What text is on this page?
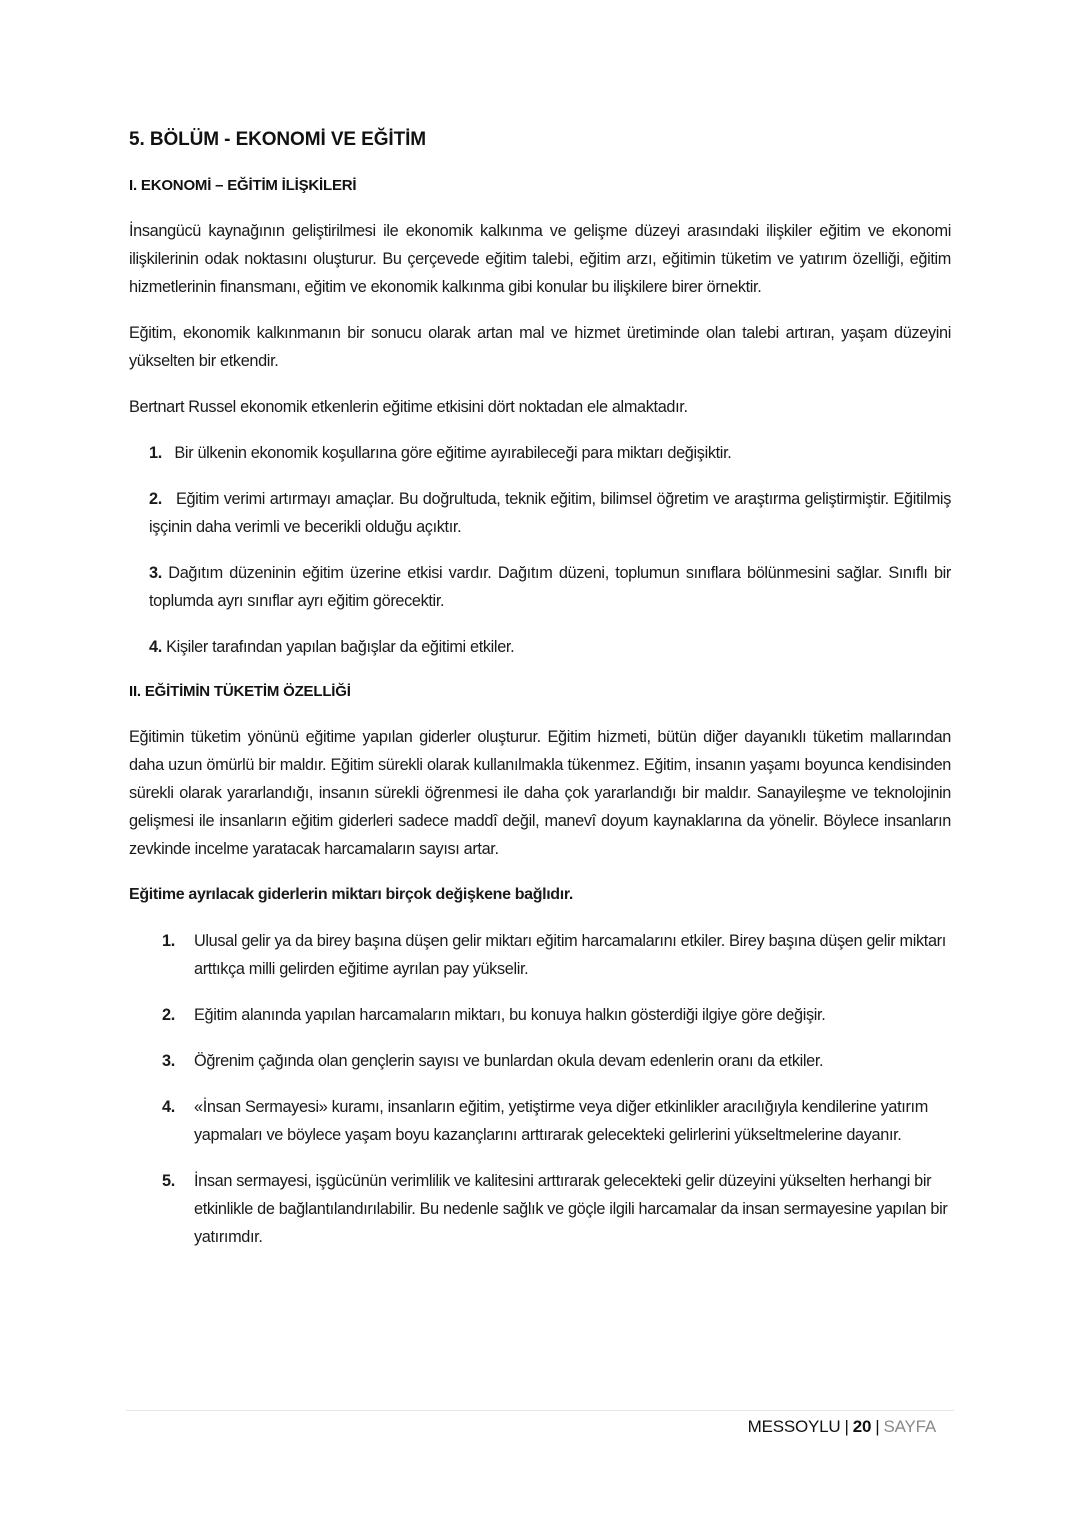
5. BÖLÜM - EKONOMİ VE EĞİTİM
I. EKONOMİ – EĞİTİM İLİŞKİLERİ

İnsangücü kaynağının geliştirilmesi ile ekonomik kalkınma ve gelişme düzeyi arasındaki ilişkiler eğitim ve ekonomi ilişkilerinin odak noktasını oluşturur. Bu çerçevede eğitim talebi, eğitim arzı, eğitimin tüketim ve yatırım özelliği, eğitim hizmetlerinin finansmanı, eğitim ve ekonomik kalkınma gibi konular bu ilişkilere birer örnektir.

Eğitim, ekonomik kalkınmanın bir sonucu olarak artan mal ve hizmet üretiminde olan talebi artıran, yaşam düzeyini yükselten bir etkendir.

Bertnart Russel ekonomik etkenlerin eğitime etkisini dört noktadan ele almaktadır.

1. Bir ülkenin ekonomik koşullarına göre eğitime ayırabileceği para miktarı değişiktir.
2. Eğitim verimi artırmayı amaçlar. Bu doğrultuda, teknik eğitim, bilimsel öğretim ve araştırma geliştirmiştir. Eğitilmiş işçinin daha verimli ve becerikli olduğu açıktır.
3. Dağıtım düzeninin eğitim üzerine etkisi vardır. Dağıtım düzeni, toplumun sınıflara bölünmesini sağlar. Sınıflı bir toplumda ayrı sınıflar ayrı eğitim görecektir.
4. Kişiler tarafından yapılan bağışlar da eğitimi etkiler.
II. EĞİTİMİN TÜKETİM ÖZELLİĞİ

Eğitimin tüketim yönünü eğitime yapılan giderler oluşturur. Eğitim hizmeti, bütün diğer dayanıklı tüketim mallarından daha uzun ömürlü bir maldır. Eğitim sürekli olarak kullanılmakla tükenmez. Eğitim, insanın yaşamı boyunca kendisinden sürekli olarak yararlandığı, insanın sürekli öğrenmesi ile daha çok yararlandığı bir maldır. Sanayileşme ve teknolojinin gelişmesi ile insanların eğitim giderleri sadece maddî değil, manevî doyum kaynaklarına da yönelir. Böylece insanların zevkinde incelme yaratacak harcamaların sayısı artar.

Eğitime ayrılacak giderlerin miktarı birçok değişkene bağlıdır.

1. Ulusal gelir ya da birey başına düşen gelir miktarı eğitim harcamalarını etkiler. Birey başına düşen gelir miktarı arttıkça milli gelirden eğitime ayrılan pay yükselir.
2. Eğitim alanında yapılan harcamaların miktarı, bu konuya halkın gösterdiği ilgiye göre değişir.
3. Öğrenim çağında olan gençlerin sayısı ve bunlardan okula devam edenlerin oranı da etkiler.
4. «İnsan Sermayesi» kuramı, insanların eğitim, yetiştirme veya diğer etkinlikler aracılığıyla kendilerine yatırım yapmaları ve böylece yaşam boyu kazançlarını arttırarak gelecekteki gelirlerini yükseltmelerine dayanır.
5. İnsan sermayesi, işgücünün verimlilik ve kalitesini arttırarak gelecekteki gelir düzeyini yükselten herhangi bir etkinlikle de bağlantılandırılabilir. Bu nedenle sağlık ve göçle ilgili harcamalar da insan sermayesine yapılan bir yatırımdır.
MESSOYLU | 20 | SAYFA
